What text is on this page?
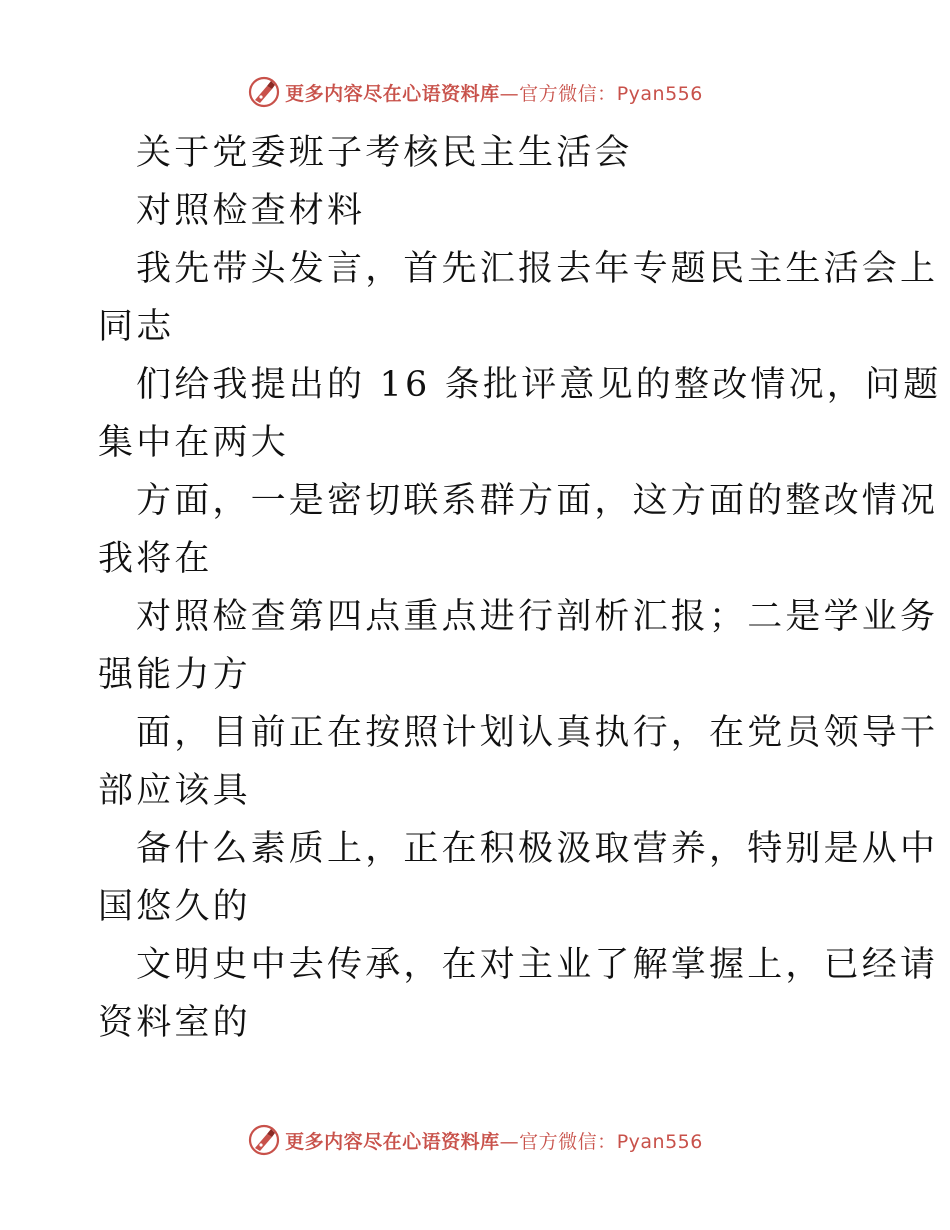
更多内容尽在心语资料库—官方微信：Pyan556
关于党委班子考核民主生活会
对照检查材料
我先带头发言，首先汇报去年专题民主生活会上
同志
们给我提出的 16 条批评意见的整改情况，问题
集中在两大
方面，一是密切联系群方面，这方面的整改情况
我将在
对照检查第四点重点进行剖析汇报；二是学业务
强能力方
面，目前正在按照计划认真执行，在党员领导干
部应该具
备什么素质上，正在积极汲取营养，特别是从中
国悠久的
文明史中去传承，在对主业了解掌握上，已经请
资料室的
更多内容尽在心语资料库—官方微信：Pyan556
